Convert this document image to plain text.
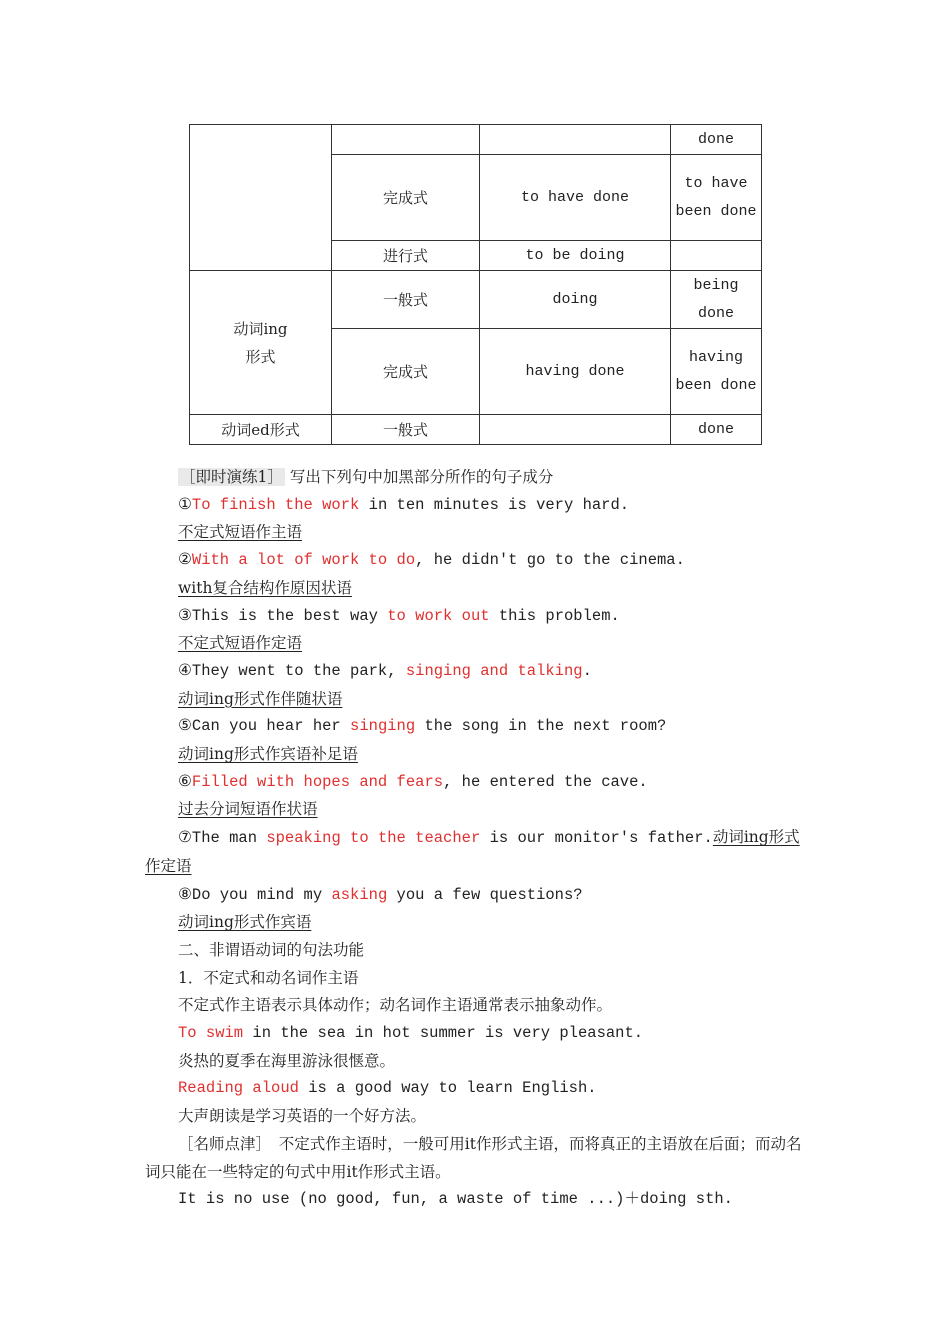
			done
	完成式	to have done	to have been done
	进行式	to be doing	
动词ing 形式	一般式	doing	being done
	完成式	having done	having been done
动词ed形式	一般式		done
［即时演练1］ 写出下列句中加黑部分所作的句子成分
①To finish the work in ten minutes is very hard.
不定式短语作主语
②With a lot of work to do, he didn't go to the cinema.
with复合结构作原因状语
③This is the best way to work out this problem.
不定式短语作定语
④They went to the park, singing and talking.
动词ing形式作伴随状语
⑤Can you hear her singing the song in the next room?
动词ing形式作宾语补足语
⑥Filled with hopes and fears, he entered the cave.
过去分词短语作状语
⑦The man speaking to the teacher is our monitor's father.动词ing形式作定语
⑧Do you mind my asking you a few questions?
动词ing形式作宾语
二、非谓语动词的句法功能
1．不定式和动名词作主语
不定式作主语表示具体动作；动名词作主语通常表示抽象动作。
To swim in the sea in hot summer is very pleasant.
炎热的夏季在海里游泳很惬意。
Reading aloud is a good way to learn English.
大声朗读是学习英语的一个好方法。
［名师点津］　不定式作主语时，一般可用it作形式主语，而将真正的主语放在后面；而动名词只能在一些特定的句式中用it作形式主语。
It is no use (no good, fun, a waste of time ...)＋doing sth.
